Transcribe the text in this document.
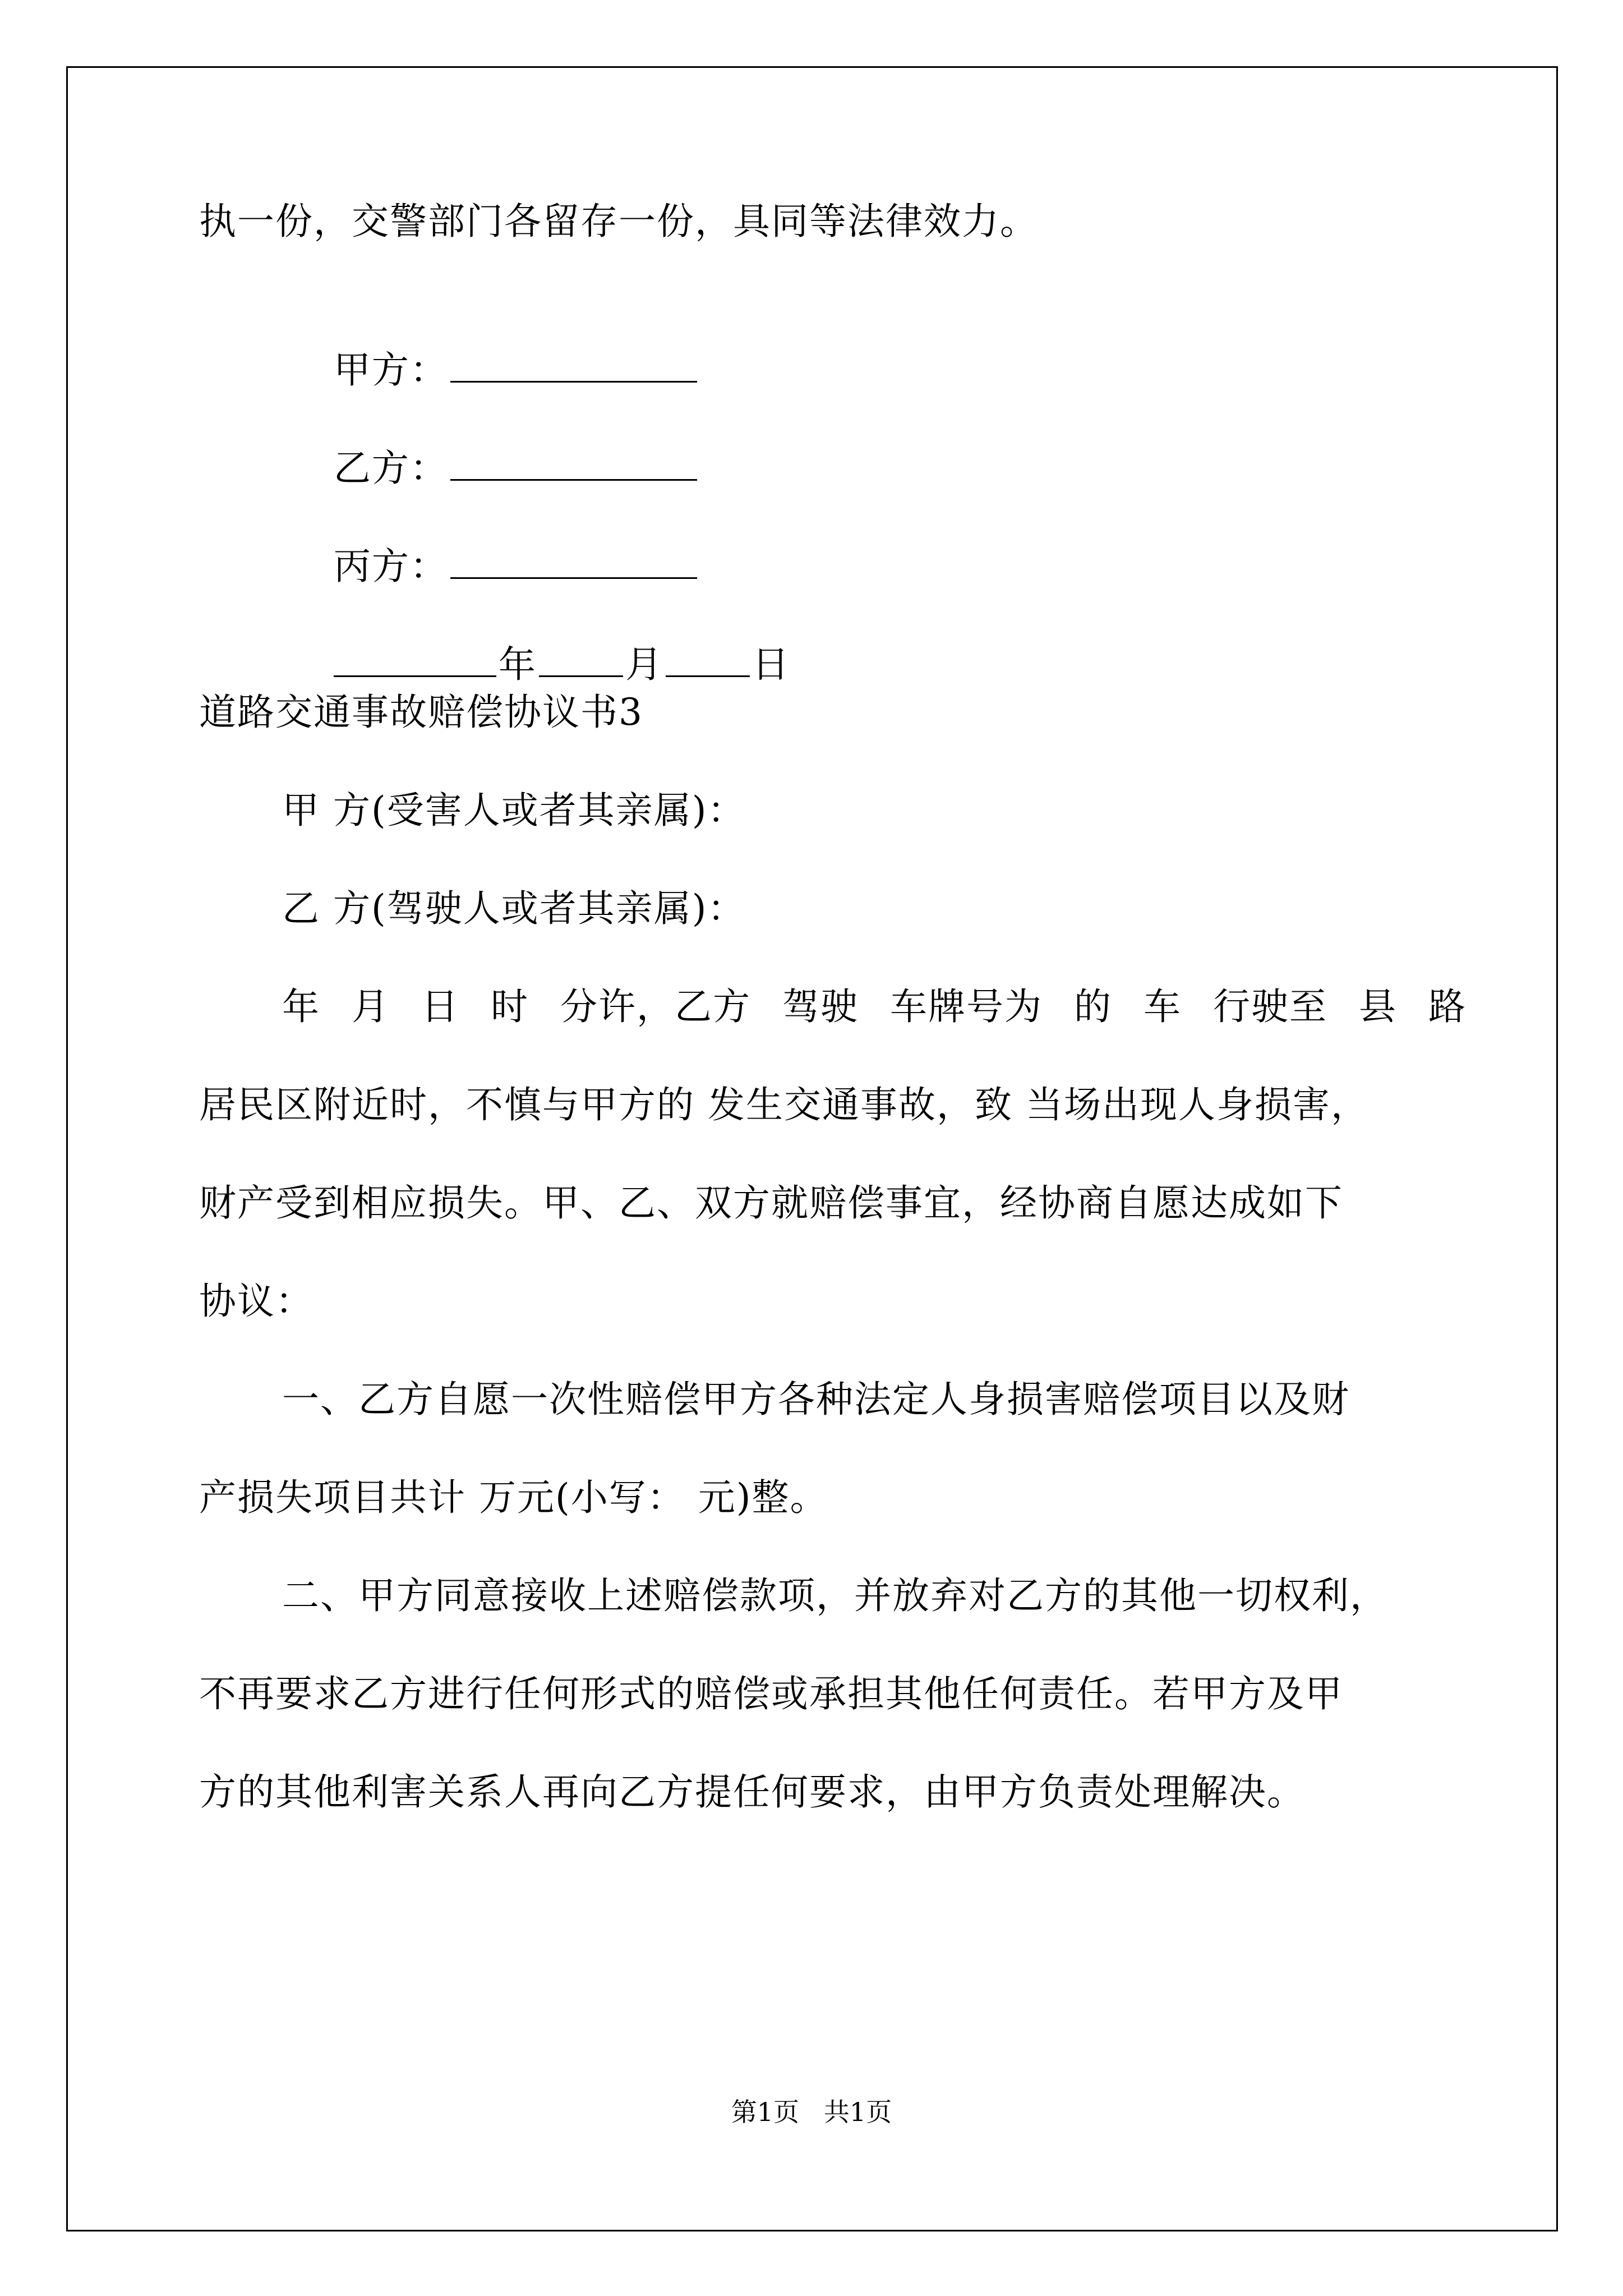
执一份，交警部门各留存一份，具同等法律效力。

甲方：

乙方：

丙方：

年 月 日

道路交通事故赔偿协议书3
甲 方(受害人或者其亲属)：
乙 方(驾驶人或者其亲属)：
年 月 日 时 分许，乙方 驾驶 车牌号为 的 车 行驶至 县 路
居民区附近时，不慎与甲方的 发生交通事故，致 当场出现人身损害，
财产受到相应损失。甲、乙、双方就赔偿事宜，经协商自愿达成如下
协议：
一、乙方自愿一次性赔偿甲方各种法定人身损害赔偿项目以及财
产损失项目共计 万元(小写： 元)整。
二、甲方同意接收上述赔偿款项，并放弃对乙方的其他一切权利，
不再要求乙方进行任何形式的赔偿或承担其他任何责任。若甲方及甲
方的其他利害关系人再向乙方提任何要求，由甲方负责处理解决。
第1页   共1页
